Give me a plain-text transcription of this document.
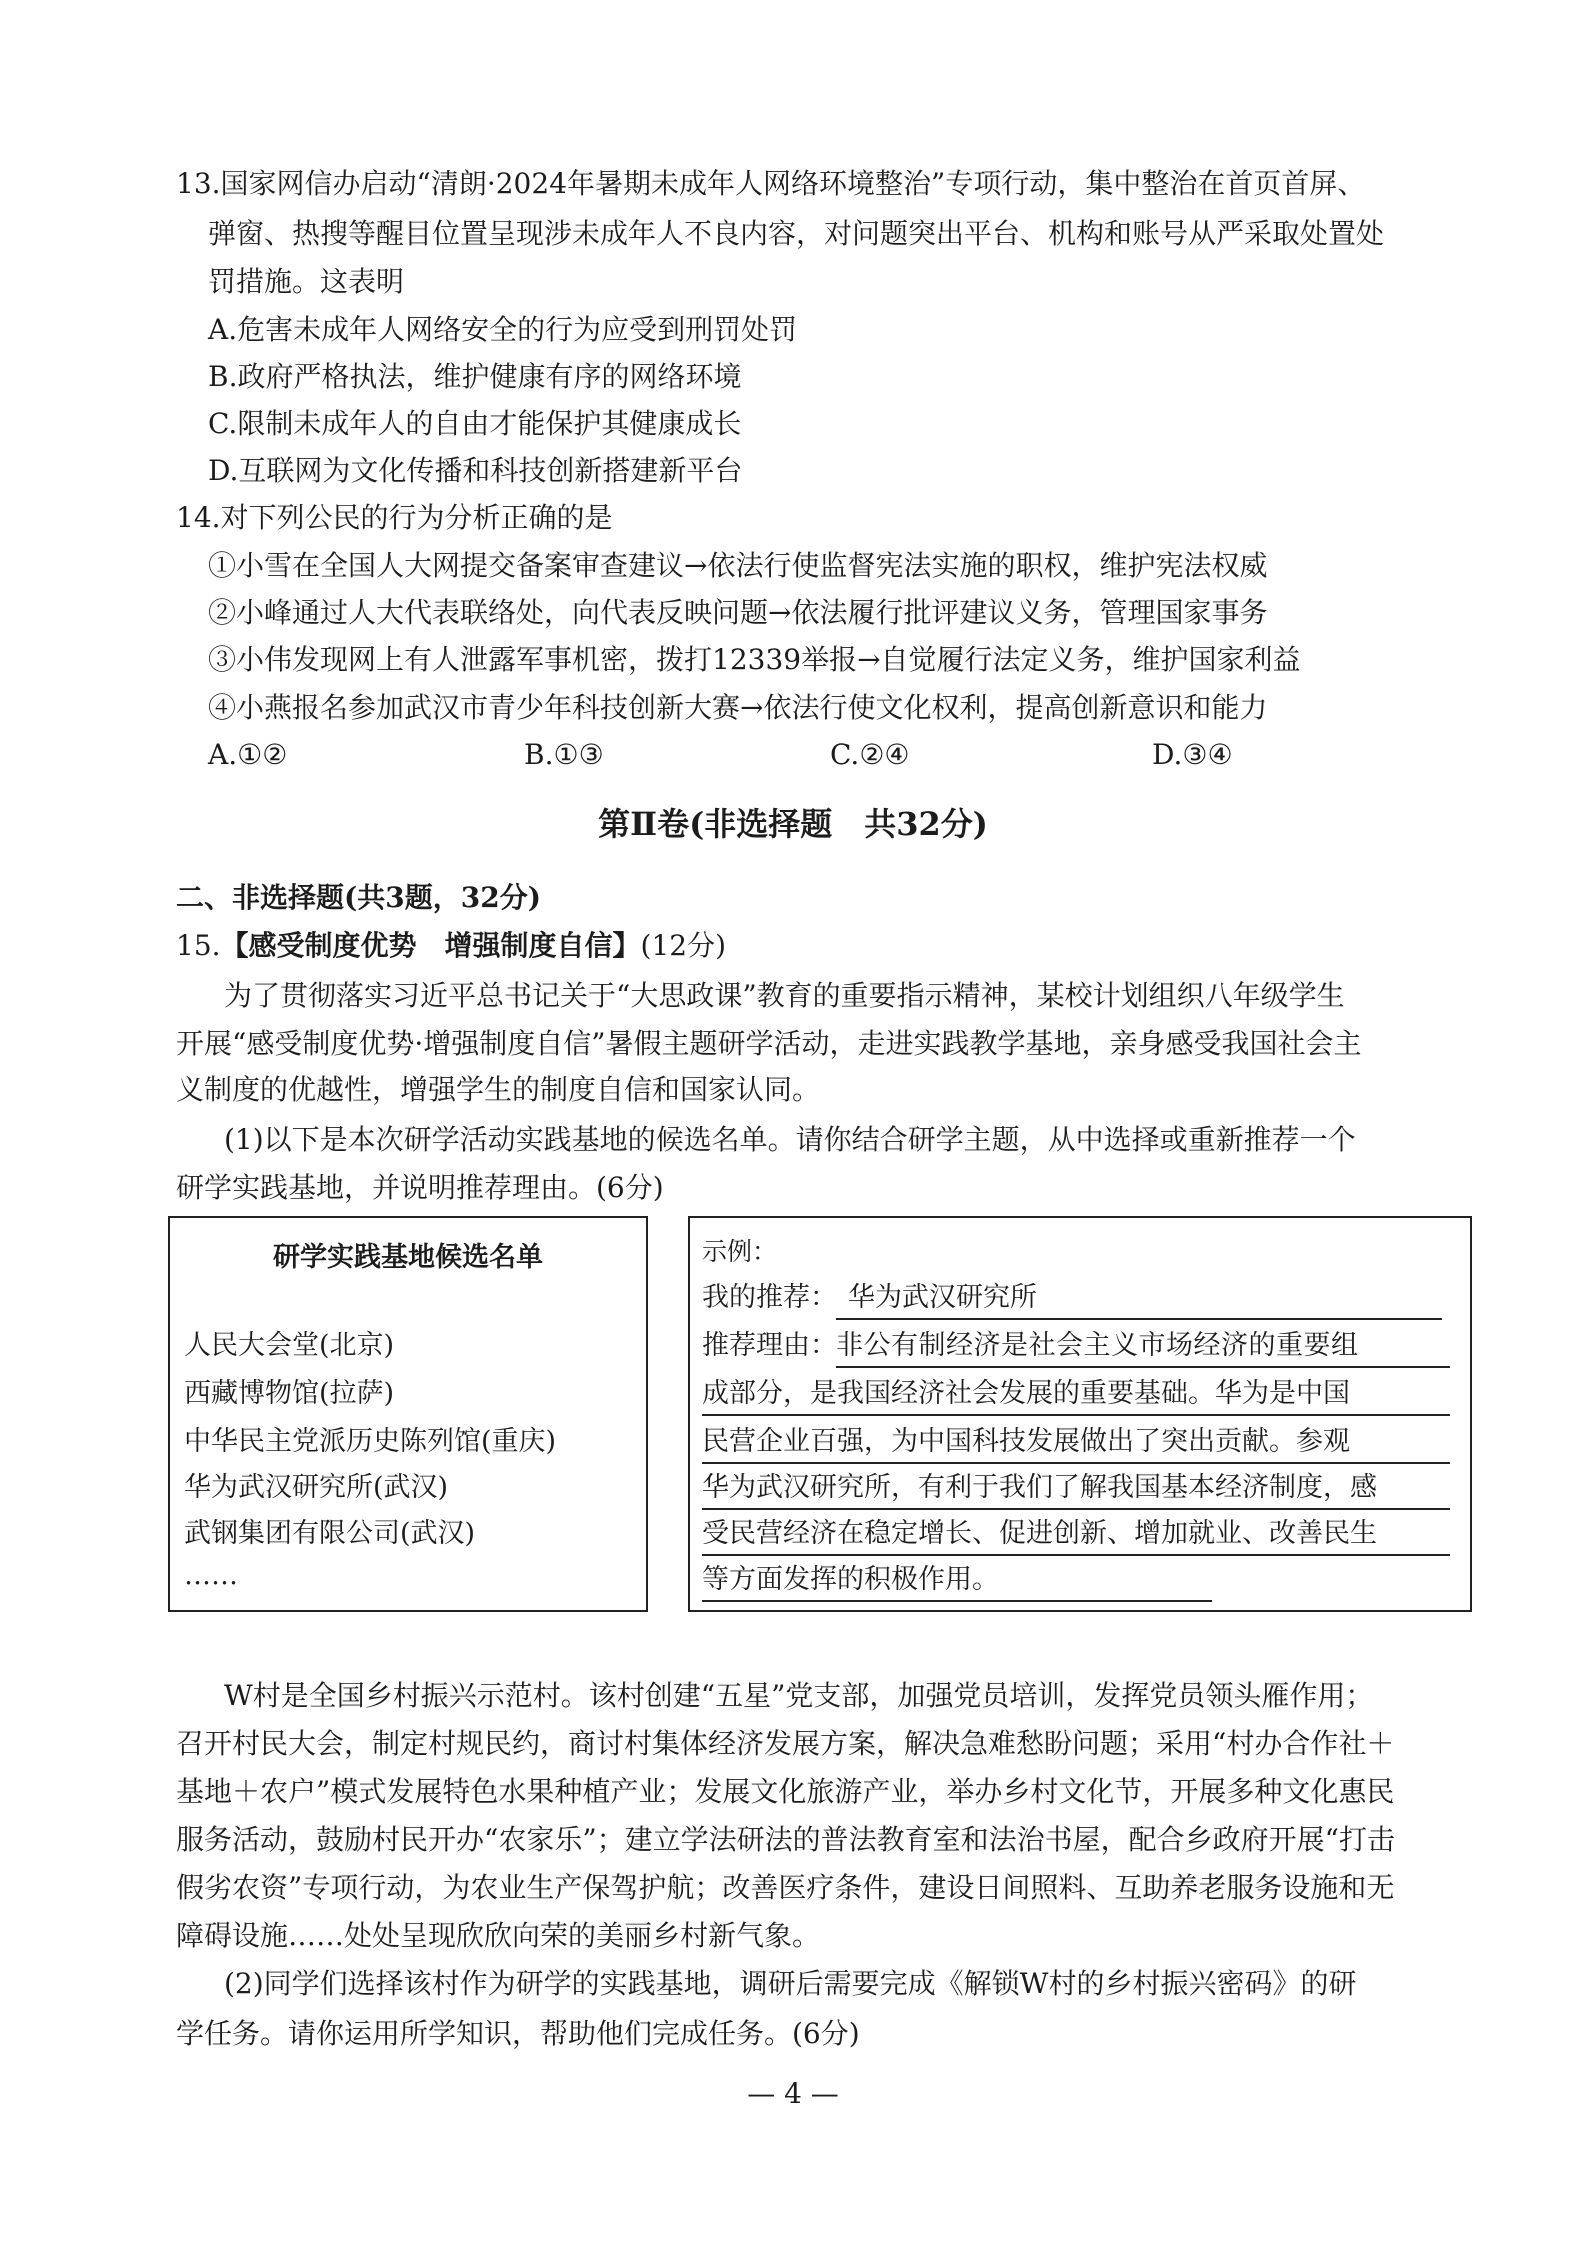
13.国家网信办启动“清朗·2024年暑期未成年人网络环境整治”专项行动，集中整治在首页首屏、
弹窗、热搜等醒目位置呈现涉未成年人不良内容，对问题突出平台、机构和账号从严采取处置处
罚措施。这表明
A.危害未成年人网络安全的行为应受到刑罚处罚
B.政府严格执法，维护健康有序的网络环境
C.限制未成年人的自由才能保护其健康成长
D.互联网为文化传播和科技创新搭建新平台
14.对下列公民的行为分析正确的是
①小雪在全国人大网提交备案审查建议→依法行使监督宪法实施的职权，维护宪法权威
②小峰通过人大代表联络处，向代表反映问题→依法履行批评建议义务，管理国家事务
③小伟发现网上有人泄露军事机密，拨打12339举报→自觉履行法定义务，维护国家利益
④小燕报名参加武汉市青少年科技创新大赛→依法行使文化权利，提高创新意识和能力
A.①②	B.①③	C.②④	D.③④
第Ⅱ卷(非选择题　共32分)
二、非选择题(共3题，32分)
15.【感受制度优势　增强制度自信】(12分)
为了贯彻落实习近平总书记关于“大思政课”教育的重要指示精神，某校计划组织八年级学生
开展“感受制度优势·增强制度自信”暑假主题研学活动，走进实践教学基地，亲身感受我国社会主
义制度的优越性，增强学生的制度自信和国家认同。
(1)以下是本次研学活动实践基地的候选名单。请你结合研学主题，从中选择或重新推荐一个
研学实践基地，并说明推荐理由。(6分)
研学实践基地候选名单
人民大会堂(北京)
西藏博物馆(拉萨)
中华民主党派历史陈列馆(重庆)
华为武汉研究所(武汉)
武钢集团有限公司(武汉)
……
示例：
我的推荐： 华为武汉研究所
推荐理由： 非公有制经济是社会主义市场经济的重要组
成部分，是我国经济社会发展的重要基础。华为是中国
民营企业百强，为中国科技发展做出了突出贡献。参观
华为武汉研究所，有利于我们了解我国基本经济制度，感
受民营经济在稳定增长、促进创新、增加就业、改善民生
等方面发挥的积极作用。
W村是全国乡村振兴示范村。该村创建“五星”党支部，加强党员培训，发挥党员领头雁作用；
召开村民大会，制定村规民约，商讨村集体经济发展方案，解决急难愁盼问题；采用“村办合作社＋
基地＋农户”模式发展特色水果种植产业；发展文化旅游产业，举办乡村文化节，开展多种文化惠民
服务活动，鼓励村民开办“农家乐”；建立学法研法的普法教育室和法治书屋，配合乡政府开展“打击
假劣农资”专项行动，为农业生产保驾护航；改善医疗条件，建设日间照料、互助养老服务设施和无
障碍设施……处处呈现欣欣向荣的美丽乡村新气象。
(2)同学们选择该村作为研学的实践基地，调研后需要完成《解锁W村的乡村振兴密码》的研
学任务。请你运用所学知识，帮助他们完成任务。(6分)
— 4 —
